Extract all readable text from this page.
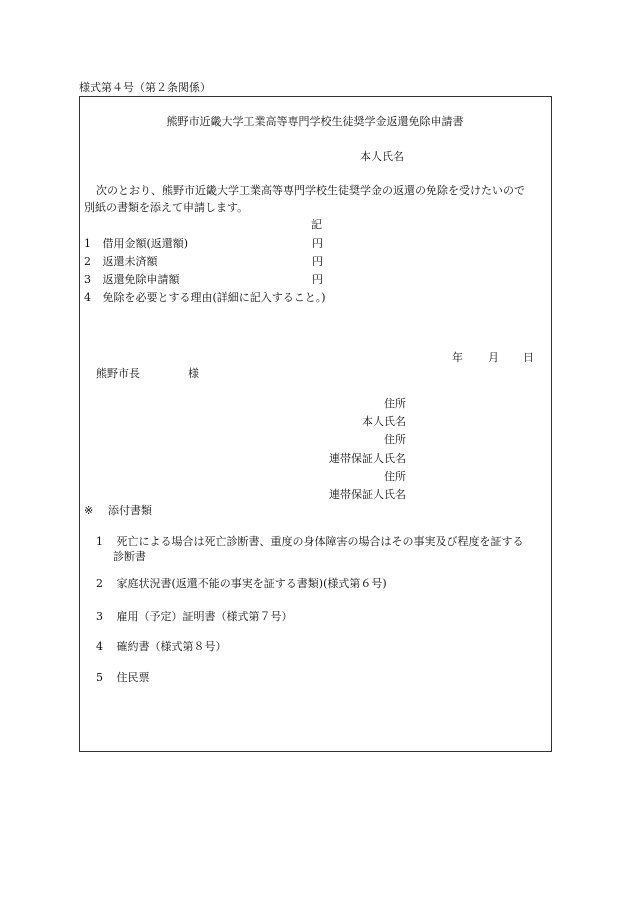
様式第４号（第２条関係）
熊野市近畿大学工業高等専門学校生徒奨学金返還免除申請書
本人氏名
次のとおり、熊野市近畿大学工業高等専門学校生徒奨学金の返還の免除を受けたいので
別紙の書類を添えて申請します。
記
1 借用金額(返還額)	円
2 返還未済額	円
3 返還免除申請額	円
4 免除を必要とする理由(詳細に記入すること。)
年 月 日
熊野市長	様
住所
本人氏名
住所
連帯保証人氏名
住所
連帯保証人氏名
※ 添付書類
1 死亡による場合は死亡診断書、重度の身体障害の場合はその事実及び程度を証する
診断書
2 家庭状況書(返還不能の事実を証する書類)(様式第６号)
3 雇用（予定）証明書（様式第７号）
4 確約書（様式第８号）
5 住民票
